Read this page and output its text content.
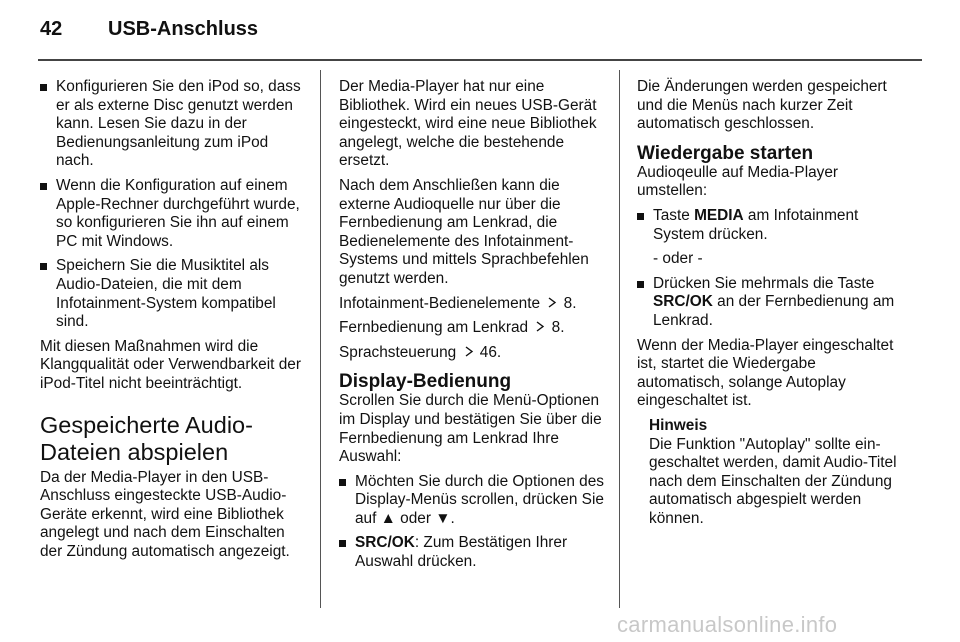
42 USB-Anschluss
Konfigurieren Sie den iPod so, dass er als externe Disc genutzt werden kann. Lesen Sie dazu in der Bedienungsanleitung zum iPod nach.
Wenn die Konfiguration auf einem Apple-Rechner durchgeführt wurde, so konfigurieren Sie ihn auf einem PC mit Windows.
Speichern Sie die Musiktitel als Audio-Dateien, die mit dem Infotainment-System kompatibel sind.
Mit diesen Maßnahmen wird die Klangqualität oder Verwendbarkeit der iPod-Titel nicht beeinträchtigt.
Gespeicherte Audio-Dateien abspielen
Da der Media-Player in den USB-Anschluss eingesteckte USB-Audio-Geräte erkennt, wird eine Bibliothek angelegt und nach dem Einschalten der Zündung automatisch angezeigt.
Der Media-Player hat nur eine Bibliothek. Wird ein neues USB-Gerät eingesteckt, wird eine neue Bibliothek angelegt, welche die bestehende ersetzt.
Nach dem Anschließen kann die externe Audioquelle nur über die Fernbedienung am Lenkrad, die Bedienelemente des Infotainment-Systems und mittels Sprachbefehlen genutzt werden.
Infotainment-Bedienelemente 8.
Fernbedienung am Lenkrad 8.
Sprachsteuerung 46.
Display-Bedienung
Scrollen Sie durch die Menü-Optionen im Display und bestätigen Sie über die Fernbedienung am Lenkrad Ihre Auswahl:
Möchten Sie durch die Optionen des Display-Menüs scrollen, drücken Sie auf ▲ oder ▼.
SRC/OK: Zum Bestätigen Ihrer Auswahl drücken.
Die Änderungen werden gespeichert und die Menüs nach kurzer Zeit automatisch geschlossen.
Wiedergabe starten
Audioqeulle auf Media-Player umstellen:
Taste MEDIA am Infotainment System drücken.
- oder -
Drücken Sie mehrmals die Taste SRC/OK an der Fernbedienung am Lenkrad.
Wenn der Media-Player eingeschaltet ist, startet die Wiedergabe automatisch, solange Autoplay eingeschaltet ist.
Hinweis
Die Funktion "Autoplay" sollte ein-geschaltet werden, damit Audio-Titel nach dem Einschalten der Zündung automatisch abgespielt werden können.
carmanualsonline.info
